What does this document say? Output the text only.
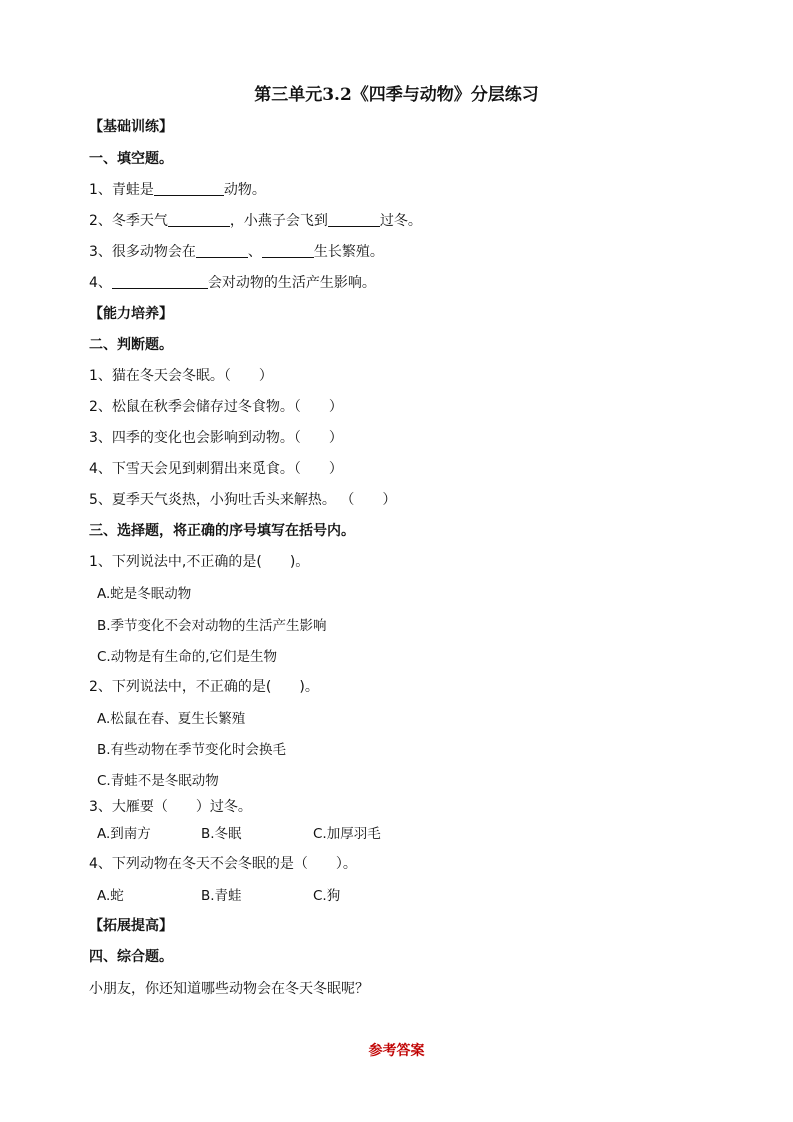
第三单元3.2《四季与动物》分层练习
【基础训练】
一、填空题。
1、青蛙是	动物。
2、冬季天气	，小燕子会飞到	过冬。
3、很多动物会在	、	生长繁殖。
4、	会对动物的生活产生影响。
【能力培养】
二、判断题。
1、猫在冬天会冬眠。（　　）
2、松鼠在秋季会储存过冬食物。（　　）
3、四季的变化也会影响到动物。（　　）
4、下雪天会见到刺猬出来觅食。（　　）
5、夏季天气炎热，小狗吐舌头来解热。 （　　）
三、选择题，将正确的序号填写在括号内。
1、下列说法中,不正确的是(　　)。
A.蛇是冬眠动物
B.季节变化不会对动物的生活产生影响
C.动物是有生命的,它们是生物
2、下列说法中，不正确的是(　　)。
A.松鼠在春、夏生长繁殖
B.有些动物在季节变化时会换毛
C.青蛙不是冬眠动物
3、大雁要（　　）过冬。
A.到南方	B.冬眠	C.加厚羽毛
4、下列动物在冬天不会冬眠的是（　　）。
A.蛇	B.青蛙	C.狗
【拓展提高】
四、综合题。
小朋友，你还知道哪些动物会在冬天冬眠呢？
参考答案
